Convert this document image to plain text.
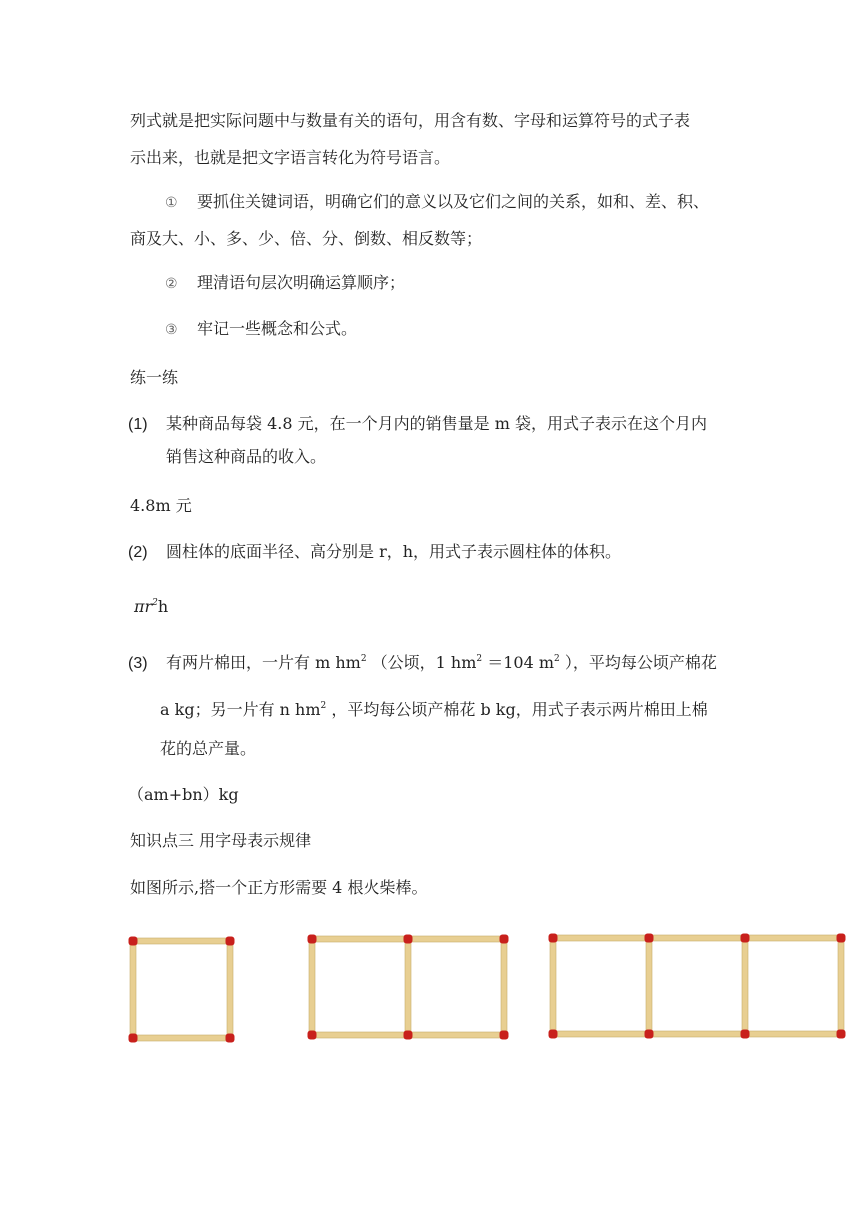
列式就是把实际问题中与数量有关的语句，用含有数、字母和运算符号的式子表
示出来，也就是把文字语言转化为符号语言。
① 要抓住关键词语，明确它们的意义以及它们之间的关系，如和、差、积、
商及大、小、多、少、倍、分、倒数、相反数等；
② 理清语句层次明确运算顺序；
③ 牢记一些概念和公式。
练一练
(1) 某种商品每袋 4.8 元，在一个月内的销售量是 m 袋，用式子表示在这个月内
销售这种商品的收入。
4.8m 元
(2) 圆柱体的底面半径、高分别是 r，h，用式子表示圆柱体的体积。
$\pi r^2h$
(3) 有两片棉田，一片有 m $hm^2$ （公顷，1 $hm^2 =104$ $m^2$ ），平均每公顷产棉花
a kg；另一片有 n $hm^2$ ，平均每公顷产棉花 b kg，用式子表示两片棉田上棉
花的总产量。
（am+bn）kg
知识点三 用字母表示规律
如图所示,搭一个正方形需要 4 根火柴棒。
